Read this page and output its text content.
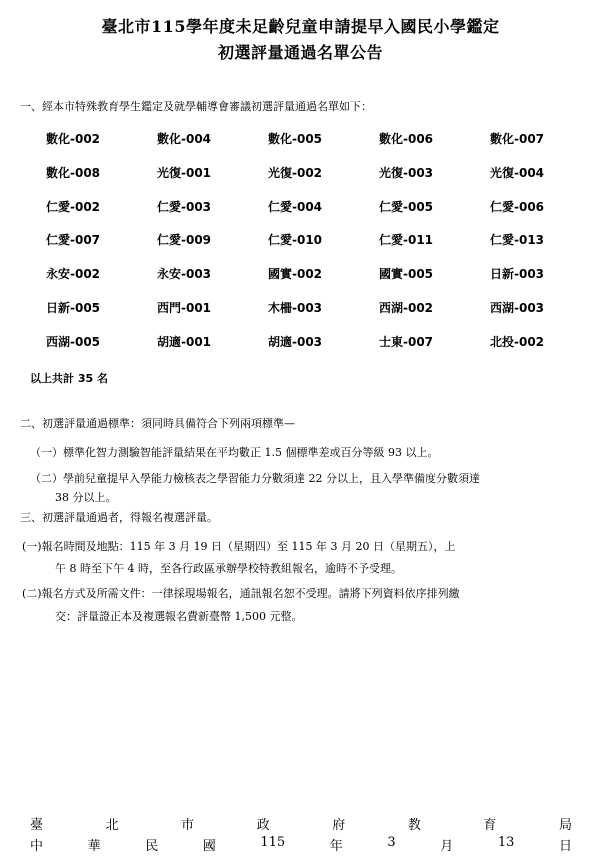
臺北市115學年度未足齡兒童申請提早入國民小學鑑定
初選評量通過名單公告
一、經本市特殊教育學生鑑定及就學輔導會審議初選評量通過名單如下：
數化-002	數化-004	數化-005	數化-006	數化-007
數化-008	光復-001	光復-002	光復-003	光復-004
仁愛-002	仁愛-003	仁愛-004	仁愛-005	仁愛-006
仁愛-007	仁愛-009	仁愛-010	仁愛-011	仁愛-013
永安-002	永安-003	國實-002	國實-005	日新-003
日新-005	西門-001	木柵-003	西湖-002	西湖-003
西湖-005	胡適-001	胡適-003	士東-007	北投-002
以上共計 35 名
二、初選評量通過標準：須同時具備符合下列兩項標準—
（一）標準化智力測驗智能評量結果在平均數正 1.5 個標準差或百分等級 93 以上。
（二）學前兒童提早入學能力檢核表之學習能力分數須達 22 分以上，且入學準備度分數須達
38 分以上。
三、初選評量通過者，得報名複選評量。
(一)報名時間及地點：115 年 3 月 19 日（星期四）至 115 年 3 月 20 日（星期五），上
午 8 時至下午 4 時，至各行政區承辦學校特教組報名，逾時不予受理。
(二)報名方式及所需文件：一律採現場報名，通訊報名恕不受理。請將下列資料依序排列繳
交：評量證正本及複選報名費新臺幣 1,500 元整。
臺	北	市	政	府	教	育	局
中	華	民	國	115	年	3	月	13	日
